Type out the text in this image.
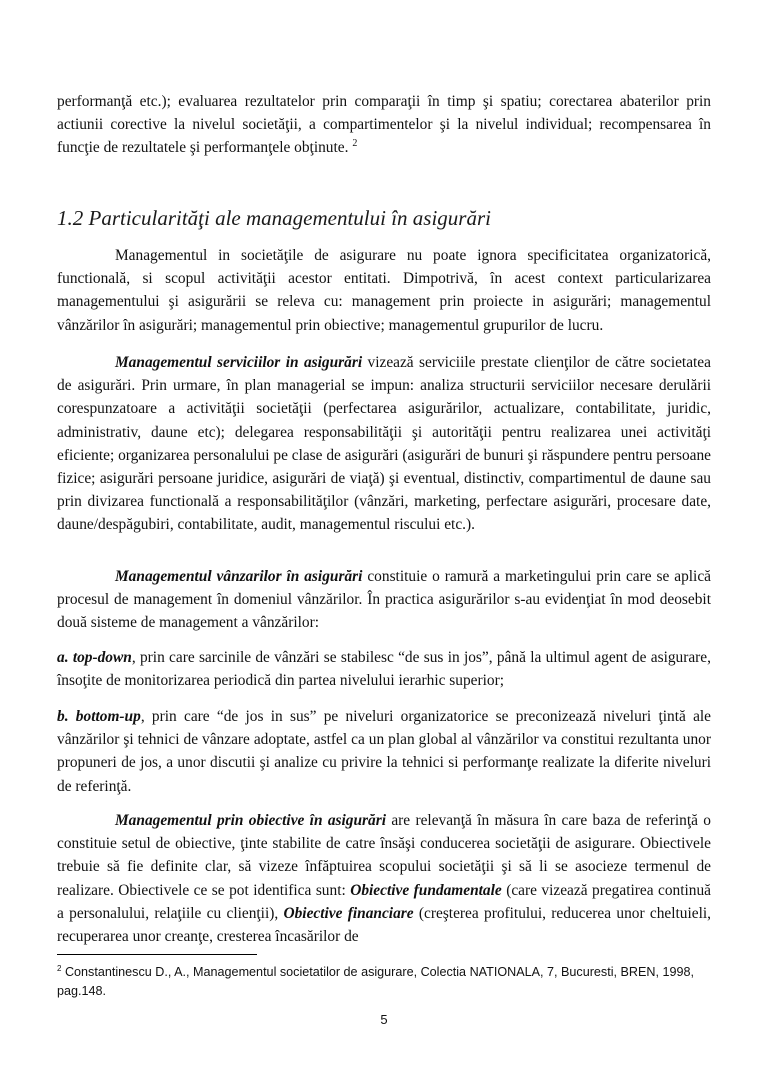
performanţă etc.); evaluarea rezultatelor prin comparaţii în timp şi spatiu; corectarea abaterilor prin actiunii corective la nivelul societăţii, a compartimentelor şi la nivelul individual; recompensarea în funcţie de rezultatele şi performanţele obţinute. $^2$

1.2 Particularităţi ale managementului în asigurări

Managementul in societăţile de asigurare nu poate ignora specificitatea organizatorică, functională, si scopul activităţii acestor entitati. Dimpotrivă, în acest context particularizarea managementului şi asigurării se releva cu: management prin proiecte in asigurări; managementul vânzărilor în asigurări; managementul prin obiective; managementul grupurilor de lucru.

Managementul serviciilor in asigurări vizează serviciile prestate clienţilor de către societatea de asigurări. Prin urmare, în plan managerial se impun: analiza structurii serviciilor necesare derulării corespunzatoare a activităţii societăţii (perfectarea asigurărilor, actualizare, contabilitate, juridic, administrativ, daune etc); delegarea responsabilităţii şi autorităţii pentru realizarea unei activităţi eficiente; organizarea personalului pe clase de asigurări (asigurări de bunuri şi răspundere pentru persoane fizice; asigurări persoane juridice, asigurări de viaţă) şi eventual, distinctiv, compartimentul de daune sau prin divizarea functională a responsabilităţilor (vânzări, marketing, perfectare asigurări, procesare date, daune/despăgubiri, contabilitate, audit, managementul riscului etc.).

Managementul vânzarilor în asigurări constituie o ramură a marketingului prin care se aplică procesul de management în domeniul vânzărilor. În practica asigurărilor s-au evidenţiat în mod deosebit două sisteme de management a vânzărilor:

a. top-down, prin care sarcinile de vânzări se stabilesc “de sus in jos”, până la ultimul agent de asigurare, însoţite de monitorizarea periodică din partea nivelului ierarhic superior;

b. bottom-up, prin care “de jos in sus” pe niveluri organizatorice se preconizează niveluri ţintă ale vânzărilor şi tehnici de vânzare adoptate, astfel ca un plan global al vânzărilor va constitui rezultanta unor propuneri de jos, a unor discutii şi analize cu privire la tehnici si performanţe realizate la diferite niveluri de referinţă.

Managementul prin obiective în asigurări are relevanţă în măsura în care baza de referinţă o constituie setul de obiective, ţinte stabilite de catre însăşi conducerea societăţii de asigurare. Obiectivele trebuie să fie definite clar, să vizeze înfăptuirea scopului societăţii şi să li se asocieze termenul de realizare. Obiectivele ce se pot identifica sunt: Obiective fundamentale (care vizează pregatirea continuă a personalului, relaţiile cu clienţii), Obiective financiare (creşterea profitului, reducerea unor cheltuieli, recuperarea unor creanţe, cresterea încasărilor de

$^2$ Constantinescu D., A., Managementul societatilor de asigurare, Colectia NATIONALA, 7, Bucuresti, BREN, 1998, pag.148.
5
